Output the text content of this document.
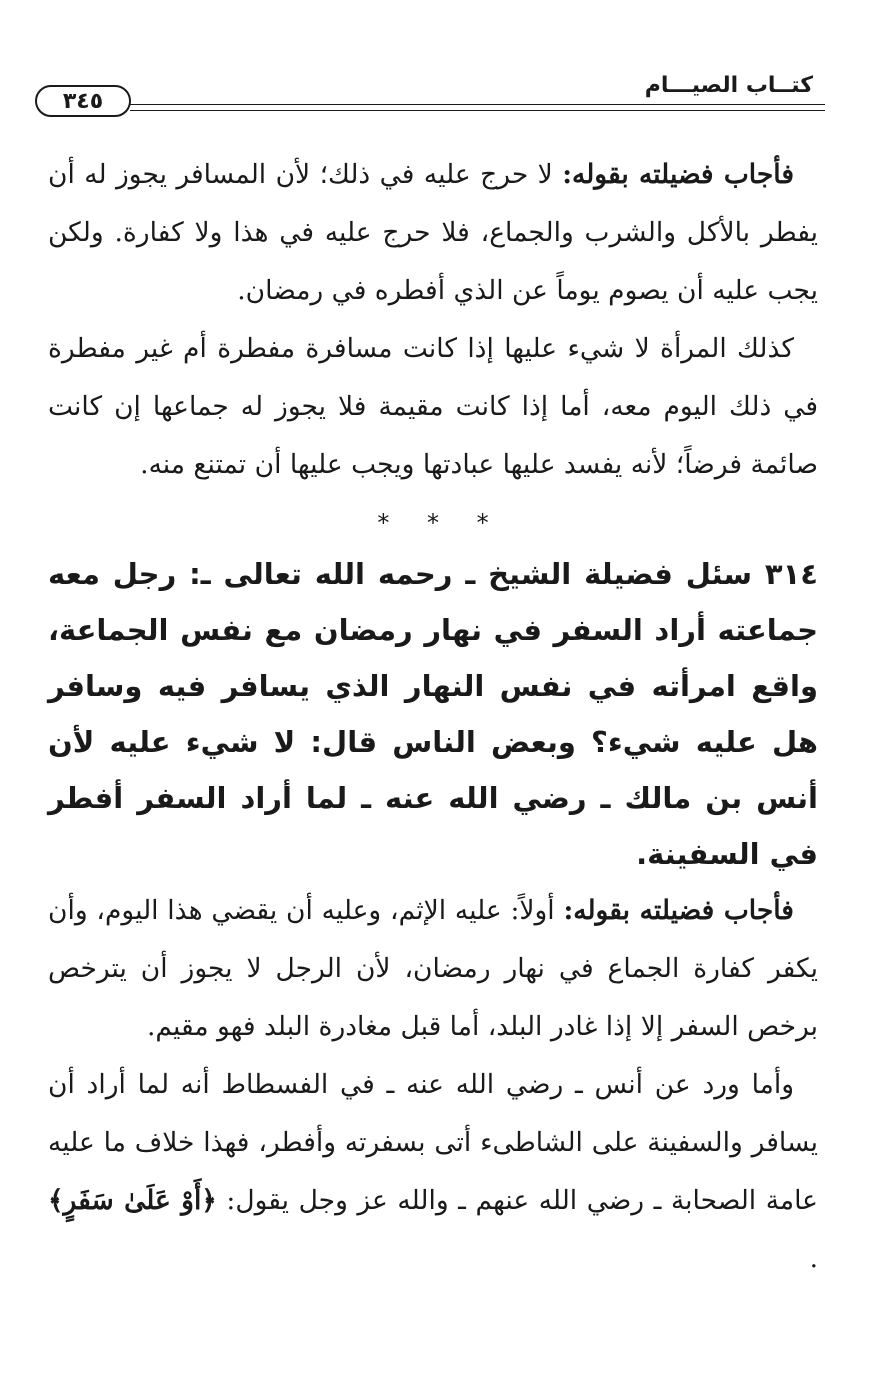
كتــاب الصيـــام
٣٤٥

فأجاب فضيلته بقوله: لا حرج عليه في ذلك؛ لأن المسافر يجوز له أن يفطر بالأكل والشرب والجماع، فلا حرج عليه في هذا ولا كفارة. ولكن يجب عليه أن يصوم يوماً عن الذي أفطره في رمضان.

كذلك المرأة لا شيء عليها إذا كانت مسافرة مفطرة أم غير مفطرة في ذلك اليوم معه، أما إذا كانت مقيمة فلا يجوز له جماعها إن كانت صائمة فرضاً؛ لأنه يفسد عليها عبادتها ويجب عليها أن تمتنع منه.

* * *

٣١٤ سئل فضيلة الشيخ ـ رحمه الله تعالى ـ: رجل معه جماعته أراد السفر في نهار رمضان مع نفس الجماعة، واقع امرأته في نفس النهار الذي يسافر فيه وسافر هل عليه شيء؟ وبعض الناس قال: لا شيء عليه لأن أنس بن مالك ـ رضي الله عنه ـ لما أراد السفر أفطر في السفينة.

فأجاب فضيلته بقوله: أولاً: عليه الإثم، وعليه أن يقضي هذا اليوم، وأن يكفر كفارة الجماع في نهار رمضان، لأن الرجل لا يجوز أن يترخص برخص السفر إلا إذا غادر البلد، أما قبل مغادرة البلد فهو مقيم.

وأما ورد عن أنس ـ رضي الله عنه ـ في الفسطاط أنه لما أراد أن يسافر والسفينة على الشاطىء أتى بسفرته وأفطر، فهذا خلاف ما عليه عامة الصحابة ـ رضي الله عنهم ـ والله عز وجل يقول: ﴿أَوْ عَلَىٰ سَفَرٍ﴾ .
